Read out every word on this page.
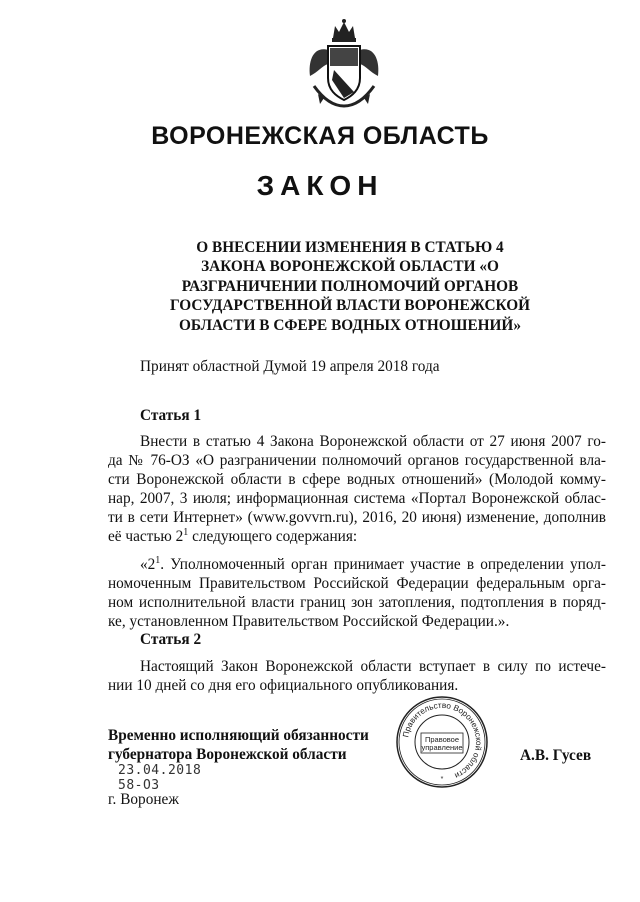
ВОРОНЕЖСКАЯ ОБЛАСТЬ
ЗАКОН
О ВНЕСЕНИИ ИЗМЕНЕНИЯ В СТАТЬЮ 4
ЗАКОНА ВОРОНЕЖСКОЙ ОБЛАСТИ «О
РАЗГРАНИЧЕНИИ ПОЛНОМОЧИЙ ОРГАНОВ
ГОСУДАРСТВЕННОЙ ВЛАСТИ ВОРОНЕЖСКОЙ
ОБЛАСТИ В СФЕРЕ ВОДНЫХ ОТНОШЕНИЙ»
Принят областной Думой 19 апреля 2018 года
Статья 1
Внести в статью 4 Закона Воронежской области от 27 июня 2007 го-
да № 76-ОЗ «О разграничении полномочий органов государственной вла-
сти Воронежской области в сфере водных отношений» (Молодой комму-
нар, 2007, 3 июля; информационная система «Портал Воронежской облас-
ти в сети Интернет» (www.govvrn.ru), 2016, 20 июня) изменение, дополнив
её частью $2^1$ следующего содержания:
«$2^1$. Уполномоченный орган принимает участие в определении упол-
номоченным Правительством Российской Федерации федеральным орга-
ном исполнительной власти границ зон затопления, подтопления в поряд-
ке, установленном Правительством Российской Федерации.».
Статья 2
Настоящий Закон Воронежской области вступает в силу по истече-
нии 10 дней со дня его официального опубликования.
Временно исполняющий обязанности
губернатора Воронежской области
23.04.2018
58-ОЗ
г. Воронеж
А.В. Гусев
Правительство Воронежской области
Правовое
управление
*
